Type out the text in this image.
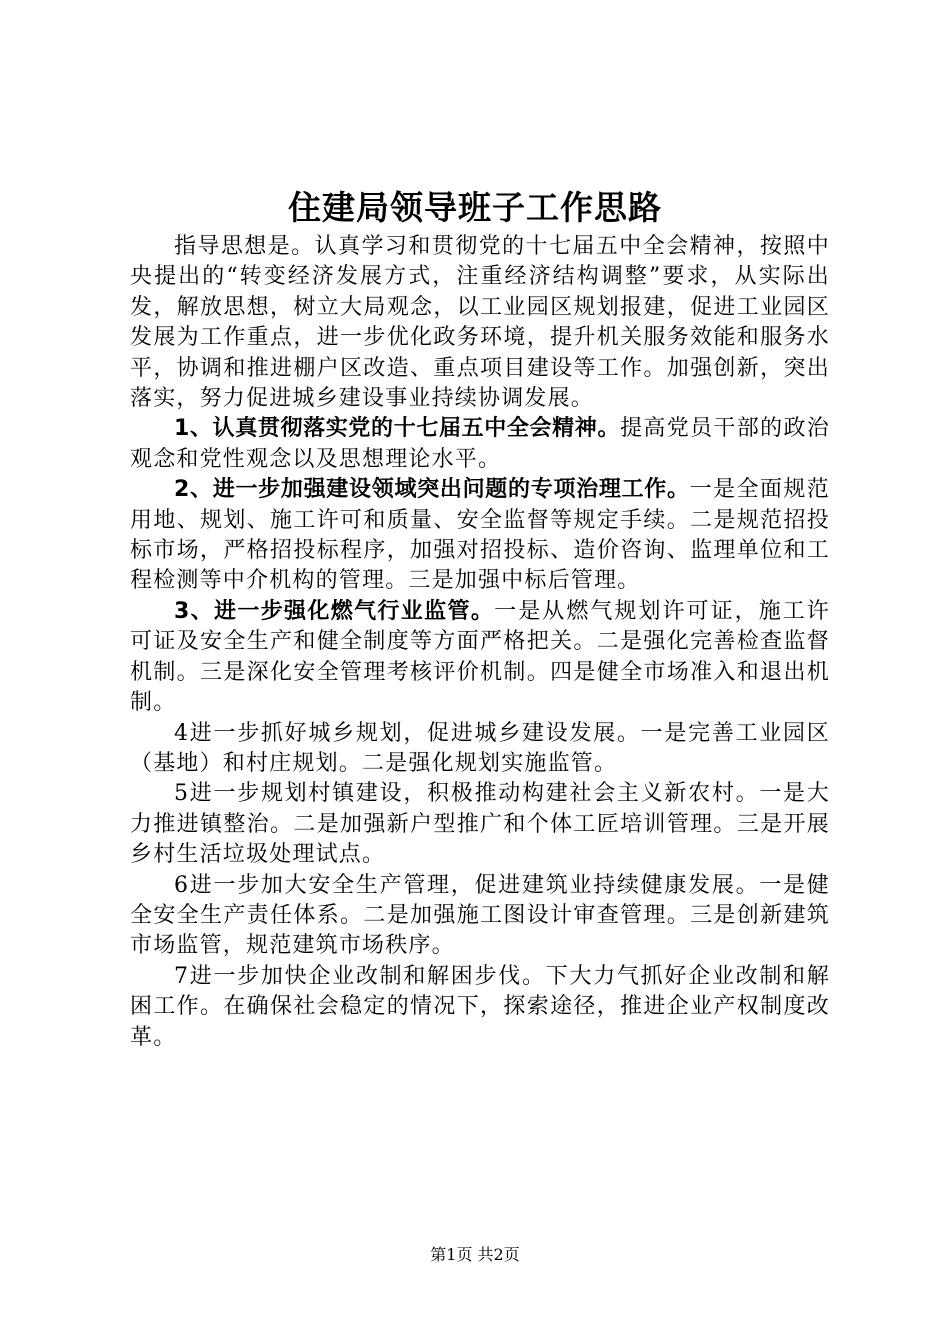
住建局领导班子工作思路

指导思想是。认真学习和贯彻党的十七届五中全会精神，按照中央提出的“转变经济发展方式，注重经济结构调整”要求，从实际出发，解放思想，树立大局观念，以工业园区规划报建，促进工业园区发展为工作重点，进一步优化政务环境，提升机关服务效能和服务水平，协调和推进棚户区改造、重点项目建设等工作。加强创新，突出落实，努力促进城乡建设事业持续协调发展。

1、认真贯彻落实党的十七届五中全会精神。提高党员干部的政治观念和党性观念以及思想理论水平。

2、进一步加强建设领域突出问题的专项治理工作。一是全面规范用地、规划、施工许可和质量、安全监督等规定手续。二是规范招投标市场，严格招投标程序，加强对招投标、造价咨询、监理单位和工程检测等中介机构的管理。三是加强中标后管理。

3、进一步强化燃气行业监管。一是从燃气规划许可证，施工许可证及安全生产和健全制度等方面严格把关。二是强化完善检查监督机制。三是深化安全管理考核评价机制。四是健全市场准入和退出机制。

4进一步抓好城乡规划，促进城乡建设发展。一是完善工业园区（基地）和村庄规划。二是强化规划实施监管。

5进一步规划村镇建设，积极推动构建社会主义新农村。一是大力推进镇整治。二是加强新户型推广和个体工匠培训管理。三是开展乡村生活垃圾处理试点。

6进一步加大安全生产管理，促进建筑业持续健康发展。一是健全安全生产责任体系。二是加强施工图设计审查管理。三是创新建筑市场监管，规范建筑市场秩序。

7进一步加快企业改制和解困步伐。下大力气抓好企业改制和解困工作。在确保社会稳定的情况下，探索途径，推进企业产权制度改革。

第1页 共2页
